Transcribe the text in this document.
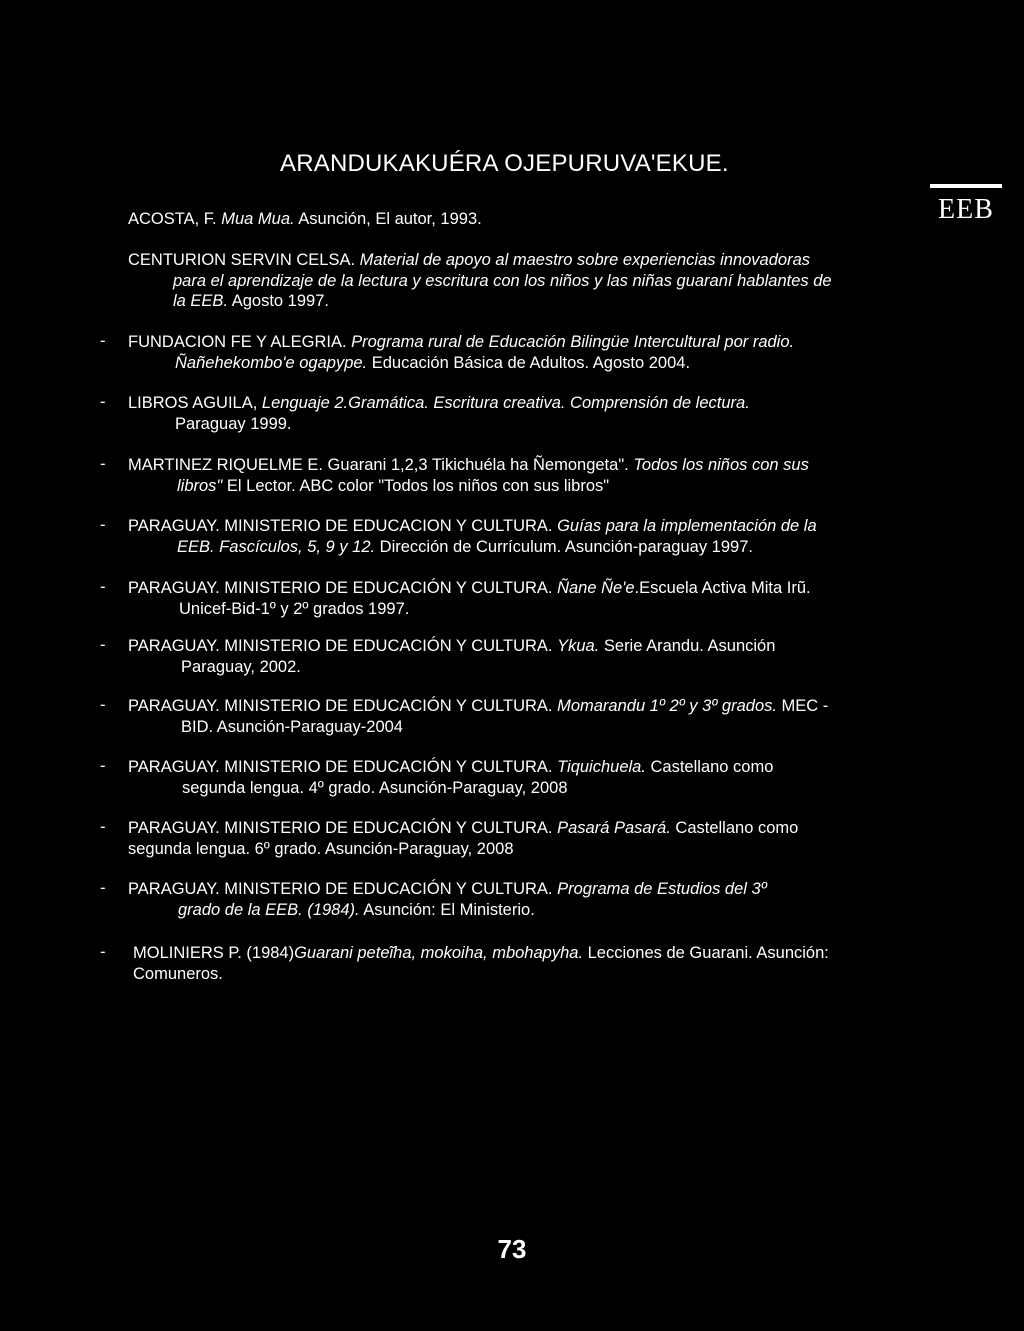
ARANDUKAKUÉRA OJEPURUVA'EKUE.
EEB
ACOSTA, F. Mua Mua. Asunción, El autor, 1993.
CENTURION SERVIN CELSA. Material de apoyo al maestro sobre experiencias innovadoras
para el aprendizaje de la lectura y escritura con los niños y las niñas guaraní hablantes de
la EEB. Agosto 1997.
- FUNDACION FE Y ALEGRIA. Programa rural de Educación Bilingüe Intercultural por radio.
Ñañehekombo'e ogapype. Educación Básica de Adultos. Agosto 2004.
- LIBROS AGUILA, Lenguaje 2.Gramática. Escritura creativa. Comprensión de lectura.
Paraguay 1999.
- MARTINEZ RIQUELME E. Guarani 1,2,3 Tikichuéla ha Ñemongeta". Todos los niños con sus
libros" El Lector. ABC color "Todos los niños con sus libros"
- PARAGUAY. MINISTERIO DE EDUCACION Y CULTURA. Guías para la implementación de la
EEB. Fascículos, 5, 9 y 12. Dirección de Currículum. Asunción-paraguay 1997.
- PARAGUAY. MINISTERIO DE EDUCACIÓN Y CULTURA. Ñane Ñe'e.Escuela Activa Mita Irũ.
Unicef-Bid-1º y 2º grados 1997.
- PARAGUAY. MINISTERIO DE EDUCACIÓN Y CULTURA. Ykua. Serie Arandu. Asunción
Paraguay, 2002.
- PARAGUAY. MINISTERIO DE EDUCACIÓN Y CULTURA. Momarandu 1º 2º y 3º grados. MEC -
BID. Asunción-Paraguay-2004
- PARAGUAY. MINISTERIO DE EDUCACIÓN Y CULTURA. Tiquichuela. Castellano como
segunda lengua. 4º grado. Asunción-Paraguay, 2008
- PARAGUAY. MINISTERIO DE EDUCACIÓN Y CULTURA. Pasará Pasará. Castellano como
segunda lengua. 6º grado. Asunción-Paraguay, 2008
- PARAGUAY. MINISTERIO DE EDUCACIÓN Y CULTURA. Programa de Estudios del 3º
grado de la EEB. (1984). Asunción: El Ministerio.
- MOLINIERS P. (1984)Guarani peteĩha, mokoiha, mbohapyha. Lecciones de Guarani. Asunción:
Comuneros.
73
